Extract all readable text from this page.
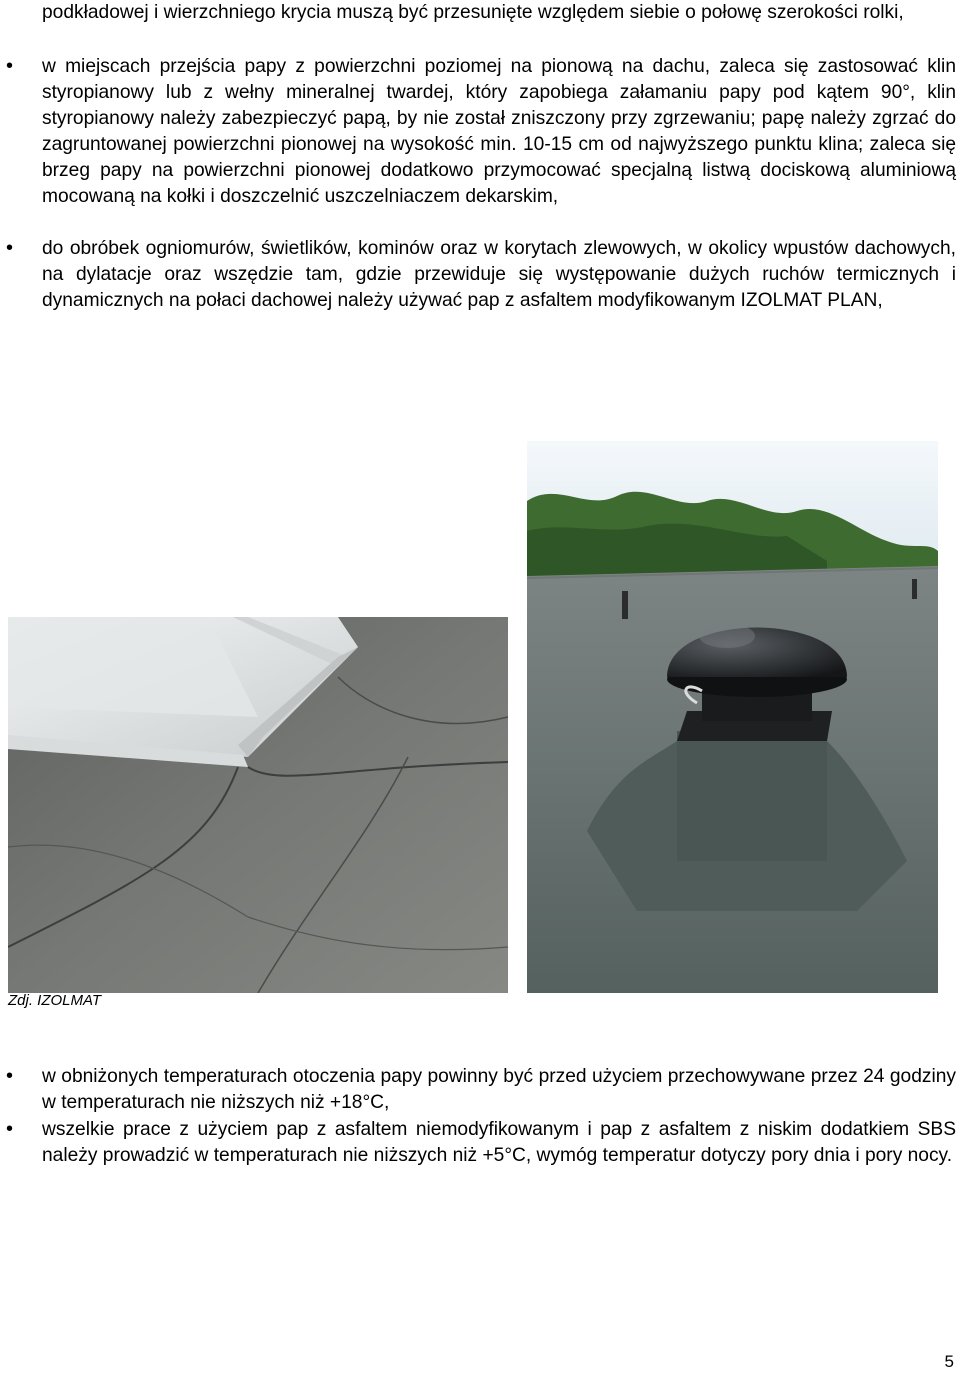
podkładowej i wierzchniego krycia muszą być przesunięte względem siebie o połowę szerokości rolki,

•

w miejscach przejścia papy z powierzchni poziomej na pionową na dachu, zaleca się zastosować klin styropianowy lub z wełny mineralnej twardej, który zapobiega załamaniu papy pod kątem 90°, klin styropianowy należy zabezpieczyć papą, by nie został zniszczony przy zgrzewaniu; papę należy zgrzać do zagruntowanej powierzchni pionowej na wysokość min. 10-15 cm od najwyższego punktu klina; zaleca się brzeg papy na powierzchni pionowej dodatkowo przymocować specjalną listwą dociskową aluminiową mocowaną na kołki i doszczelnić uszczelniaczem dekarskim,

•

do obróbek ogniomurów, świetlików, kominów oraz w korytach zlewowych, w okolicy wpustów dachowych, na dylatacje oraz wszędzie tam, gdzie przewiduje się występowanie dużych ruchów termicznych i dynamicznych na połaci dachowej należy używać pap z asfaltem modyfikowanym IZOLMAT PLAN,

Zdj. IZOLMAT
•

w obniżonych temperaturach otoczenia papy powinny być przed użyciem przechowywane przez 24 godziny w temperaturach nie niższych niż +18°C,

•

wszelkie prace z użyciem pap z asfaltem niemodyfikowanym i pap z asfaltem z niskim dodatkiem SBS należy prowadzić w temperaturach nie niższych niż +5°C, wymóg temperatur dotyczy pory dnia i pory nocy.

5
